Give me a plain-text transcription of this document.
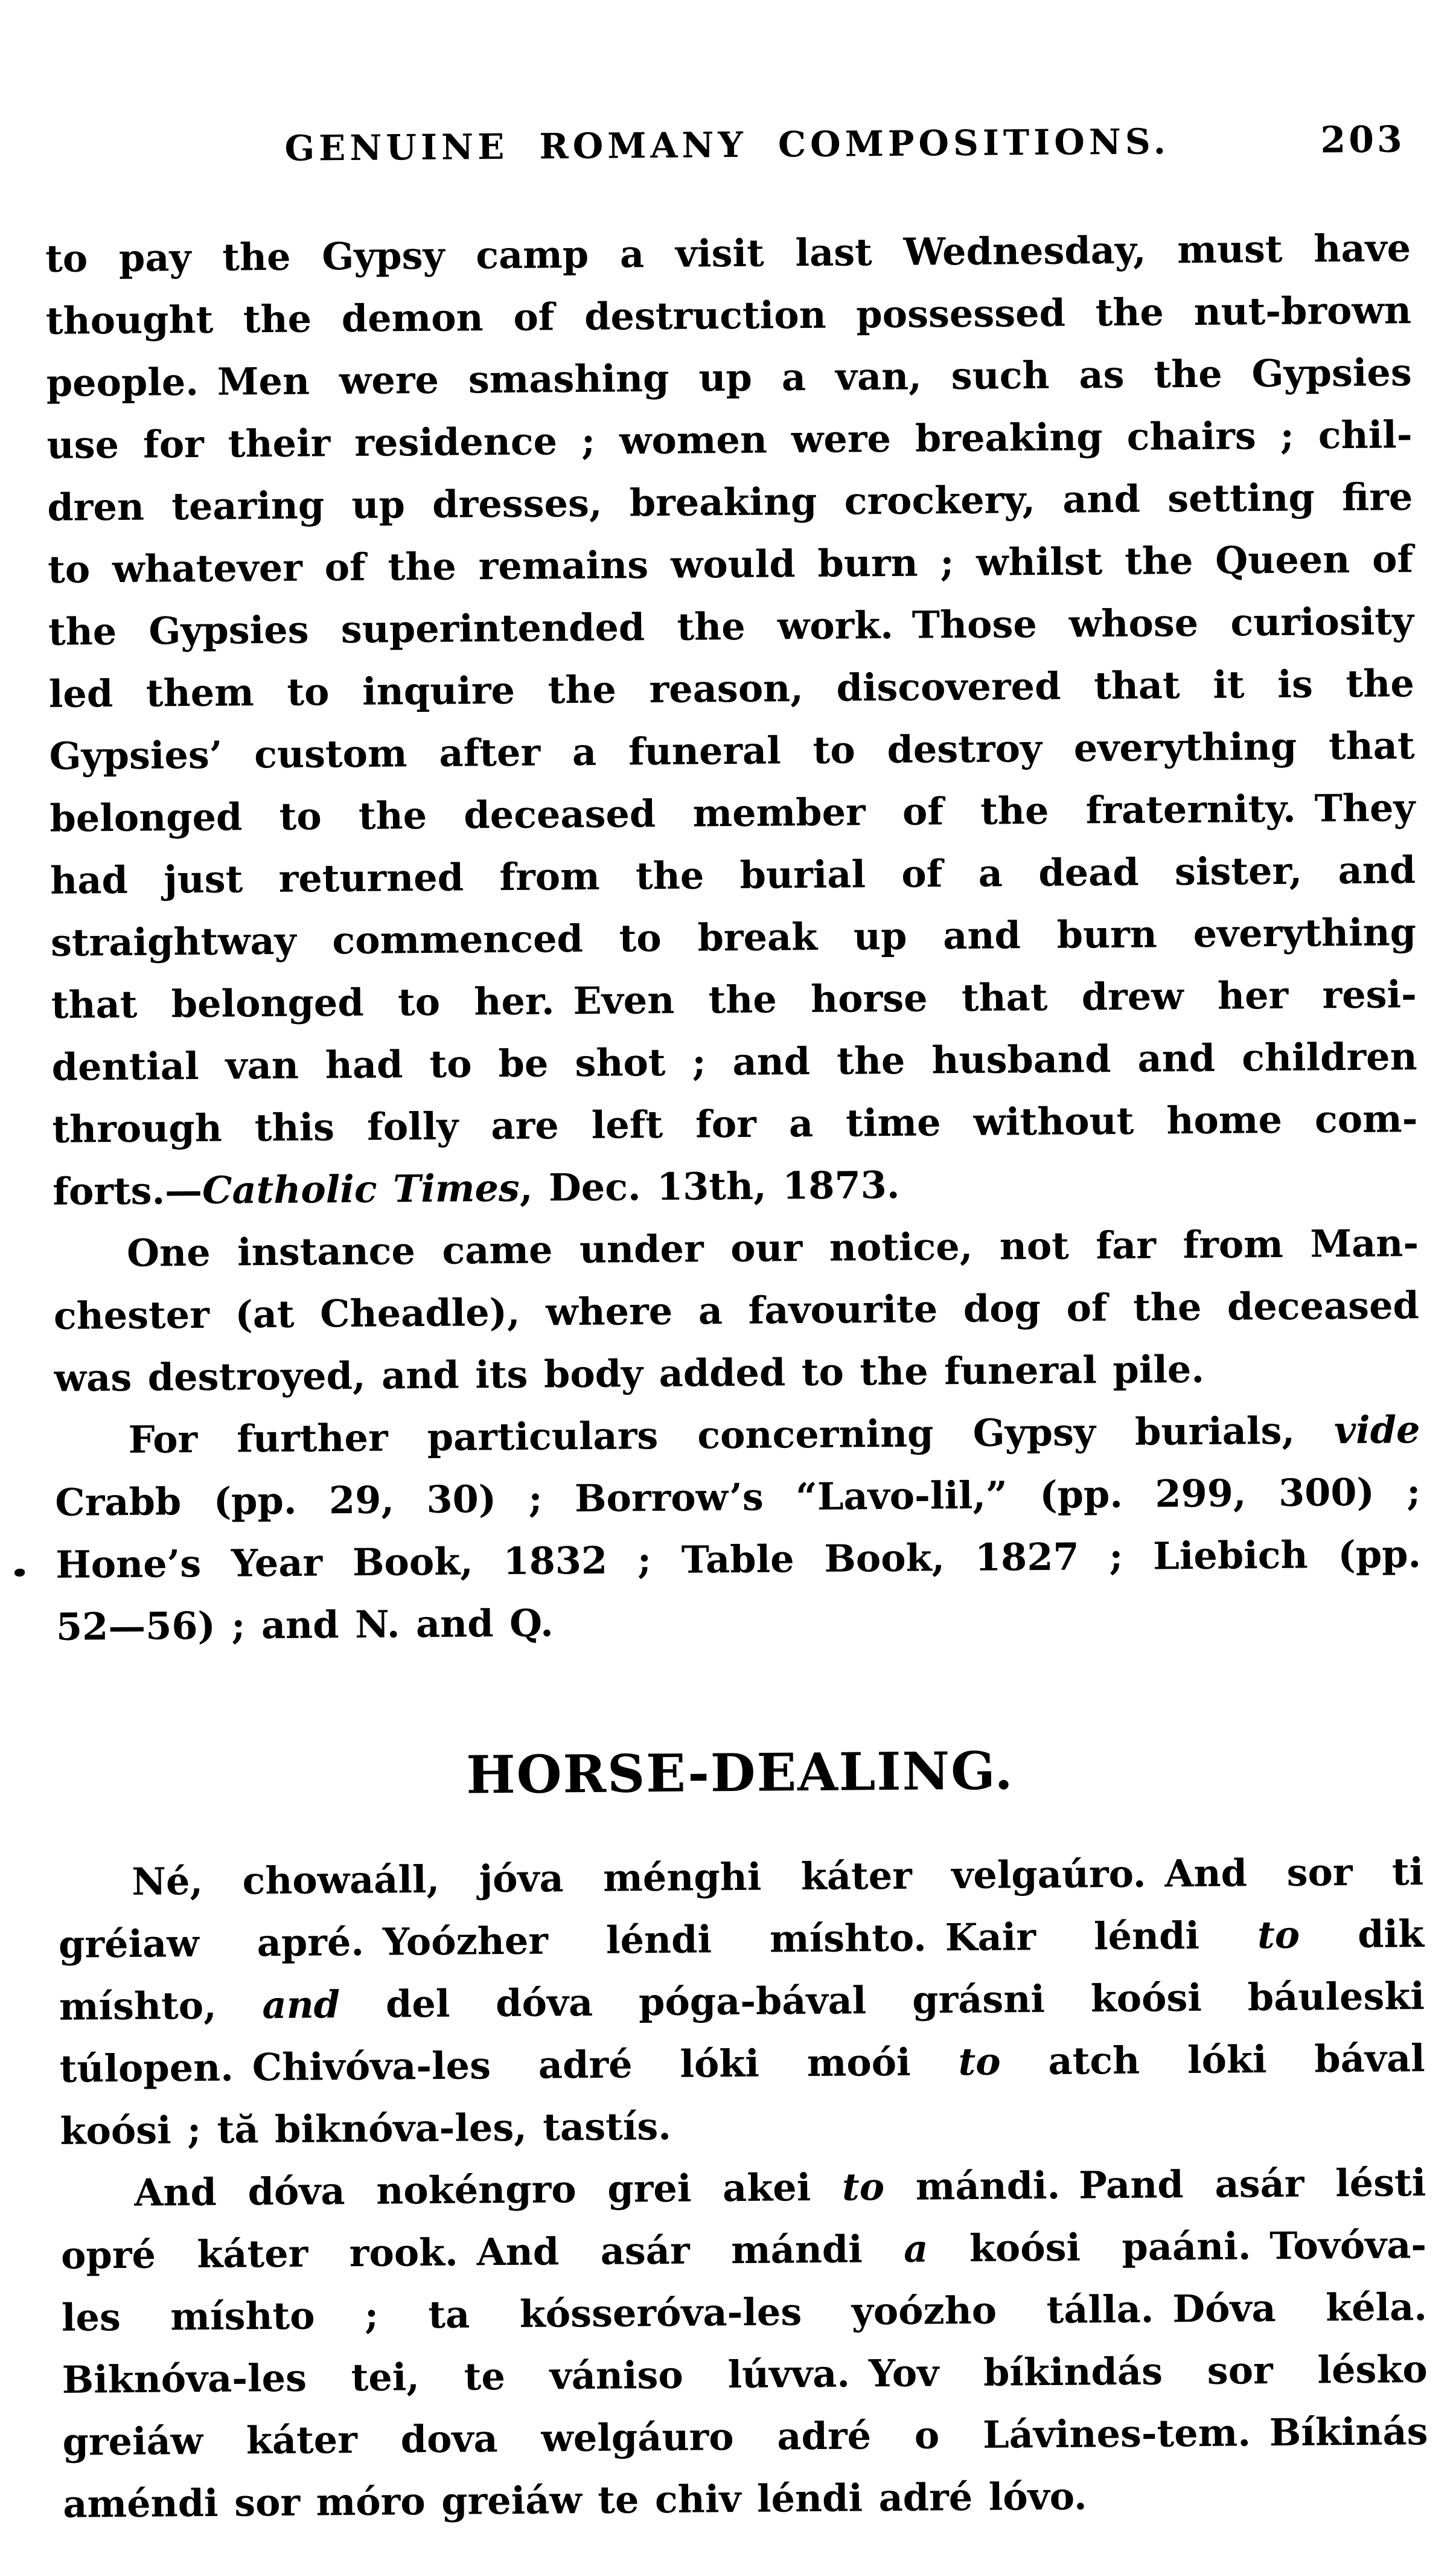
GENUINE ROMANY COMPOSITIONS.	203
to pay the Gypsy camp a visit last Wednesday, must have
thought the demon of destruction possessed the nut-brown
people. Men were smashing up a van, such as the Gypsies
use for their residence ; women were breaking chairs ; chil-
dren tearing up dresses, breaking crockery, and setting fire
to whatever of the remains would burn ; whilst the Queen of
the Gypsies superintended the work. Those whose curiosity
led them to inquire the reason, discovered that it is the
Gypsies’ custom after a funeral to destroy everything that
belonged to the deceased member of the fraternity. They
had just returned from the burial of a dead sister, and
straightway commenced to break up and burn everything
that belonged to her. Even the horse that drew her resi-
dential van had to be shot ; and the husband and children
through this folly are left for a time without home com-
forts.—Catholic Times, Dec. 13th, 1873.
One instance came under our notice, not far from Man-
chester (at Cheadle), where a favourite dog of the deceased
was destroyed, and its body added to the funeral pile.
For further particulars concerning Gypsy burials, vide
Crabb (pp. 29, 30) ; Borrow’s “Lavo-lil,” (pp. 299, 300) ;
Hone’s Year Book, 1832 ; Table Book, 1827 ; Liebich (pp.
52—56) ; and N. and Q.
HORSE-DEALING.
Né, chowaáll, jóva ménghi káter velgaúro. And sor ti
gréiaw apré. Yoózher léndi míshto. Kair léndi to dik
míshto, and del dóva póga-bával grásni koósi báuleski
túlopen. Chivóva-les adré lóki moói to atch lóki bával
koósi ; tă biknóva-les, tastís.
And dóva nokéngro grei akei to mándi. Pand asár lésti
opré káter rook. And asár mándi a koósi paáni. Tovóva-
les míshto ; ta kósseróva-les yoózho tálla. Dóva kéla.
Biknóva-les tei, te vániso lúvva. Yov bíkindás sor lésko
greiáw káter dova welgáuro adré o Lávines-tem. Bíkinás
améndi sor móro greiáw te chiv léndi adré lóvo.
